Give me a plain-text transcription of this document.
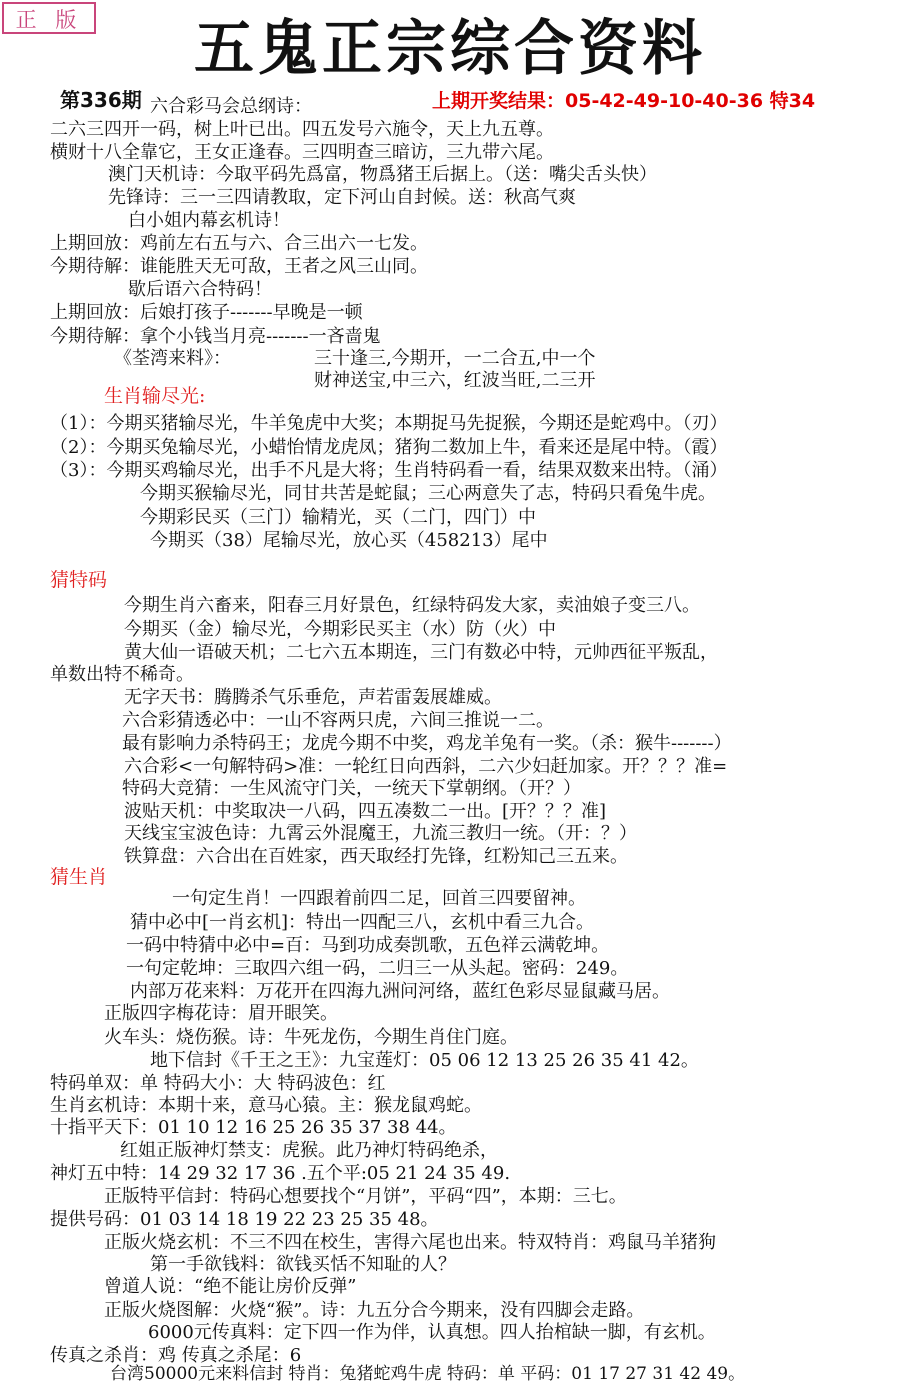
正 版	五鬼正宗综合资料
第336期	上期开奖结果：05-42-49-10-40-36 特34
六合彩马会总纲诗：
二六三四开一码，树上叶已出。四五发号六施令，天上九五尊。
横财十八全靠它，王女正逢春。三四明查三暗访，三九带六尾。
澳门天机诗：今取平码先爲富，物爲猪王后据上。（送：嘴尖舌头快）
先锋诗：三一三四请教取，定下河山自封候。送：秋高气爽
白小姐内幕玄机诗！
上期回放：鸡前左右五与六、合三出六一七发。
今期待解：谁能胜天无可敌，王者之风三山同。
歇后语六合特码！
上期回放：后娘打孩子-------早晚是一顿
今期待解：拿个小钱当月亮-------一吝啬鬼
《荃湾来料》：	三十逢三,今期开，一二合五,中一个
财神送宝,中三六，红波当旺,二三开
生肖输尽光:
（1）：今期买猪输尽光，牛羊兔虎中大奖；本期捉马先捉猴，今期还是蛇鸡中。（刃）
（2）：今期买兔输尽光，小蜡怡情龙虎凤；猪狗二数加上牛，看来还是尾中特。（霞）
（3）：今期买鸡输尽光，出手不凡是大将；生肖特码看一看，结果双数来出特。（涌）
今期买猴输尽光，同甘共苦是蛇鼠；三心两意失了志，特码只看兔牛虎。
今期彩民买（三门）输精光，买（二门，四门）中
今期买（38）尾输尽光，放心买（458213）尾中
猜特码
今期生肖六畜来，阳春三月好景色，红绿特码发大家，卖油娘子变三八。
今期买（金）输尽光，今期彩民买主（水）防（火）中
黄大仙一语破天机；二七六五本期连，三门有数必中特，元帅西征平叛乱，
单数出特不稀奇。
无字天书：腾腾杀气乐垂危，声若雷轰展雄威。
六合彩猜透必中：一山不容两只虎，六间三推说一二。
最有影响力杀特码王；龙虎今期不中奖，鸡龙羊兔有一奖。（杀：猴牛-------）
六合彩<一句解特码>准：一轮红日向西斜，二六少妇赶加家。开？？？准=
特码大竞猜：一生风流守门关，一统天下掌朝纲。（开？）
波贴天机：中奖取决一八码，四五凑数二一出。[开？？？准]
天线宝宝波色诗：九霄云外混魔王，九流三教归一统。（开：？）
铁算盘：六合出在百姓家，西天取经打先锋，红粉知己三五来。
猜生肖
一句定生肖！一四跟着前四二足，回首三四要留神。
猜中必中[一肖玄机]：特出一四配三八，玄机中看三九合。
一码中特猜中必中=百：马到功成奏凯歌，五色祥云满乾坤。
一句定乾坤：三取四六组一码，二归三一从头起。密码：249。
内部万花来料：万花开在四海九洲问河络，蓝红色彩尽显鼠藏马居。
正版四字梅花诗：眉开眼笑。
火车头：烧伤猴。诗：牛死龙伤，今期生肖住门庭。
地下信封《千王之王》：九宝莲灯：05 06 12 13 25 26 35 41 42。
特码单双：单 特码大小：大 特码波色：红
生肖玄机诗：本期十来，意马心猿。主：猴龙鼠鸡蛇。
十指平天下：01 10 12 16 25 26 35 37 38 44。
红姐正版神灯禁支：虎猴。此乃神灯特码绝杀，
神灯五中特：14 29 32 17 36 .五个平:05 21 24 35 49.
正版特平信封：特码心想要找个“月饼”，平码“四”，本期：三七。
提供号码：01 03 14 18 19 22 23 25 35 48。
正版火烧玄机：不三不四在校生，害得六尾也出来。特双特肖：鸡鼠马羊猪狗
第一手欲钱料：欲钱买恬不知耻的人？
曾道人说：“绝不能让房价反弹”
正版火烧图解：火烧“猴”。诗：九五分合今期来，没有四脚会走路。
6000元传真料：定下四一作为伴，认真想。四人抬棺缺一脚，有玄机。
传真之杀肖：鸡 传真之杀尾：6
台湾50000元来料信封 特肖：兔猪蛇鸡牛虎 特码：单 平码：01 17 27 31 42 49。
